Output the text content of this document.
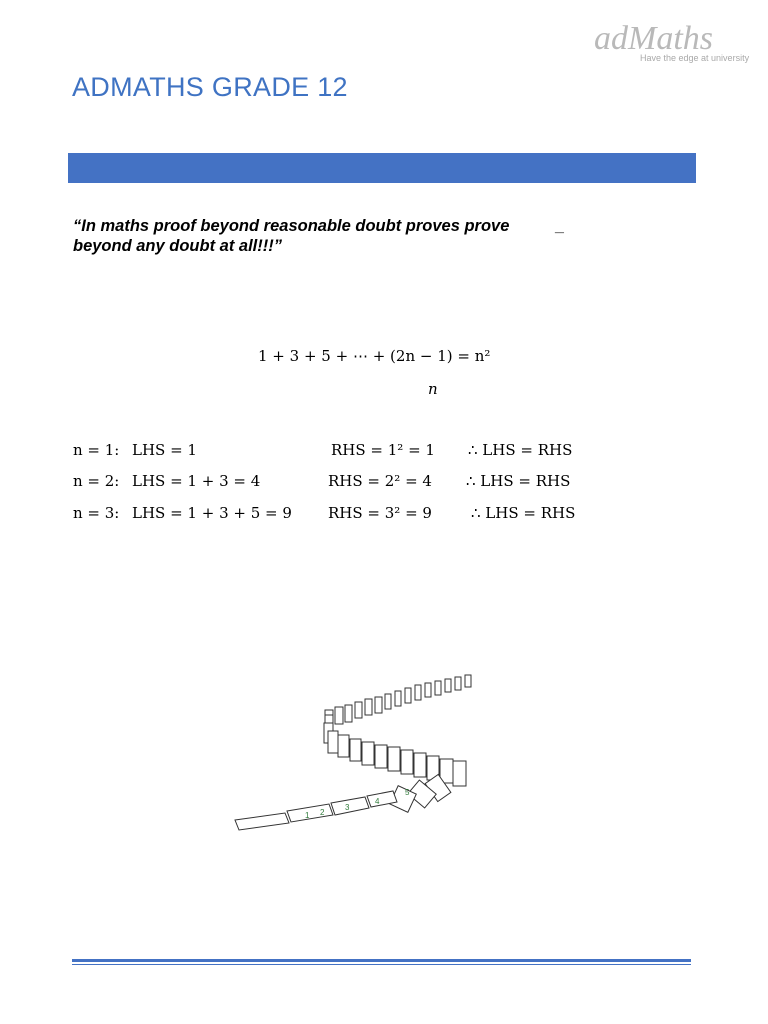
adMaths
Have the edge at university
ADMATHS GRADE 12
“In maths proof beyond reasonable doubt proves prove beyond any doubt at all!!!”
_
1 + 3 + 5 + ⋯ + (2n − 1) = n²
n
n = 1: LHS = 1	RHS = 1² = 1 ∴ LHS = RHS
n = 2: LHS = 1 + 3 = 4	RHS = 2² = 4 ∴ LHS = RHS
n = 3: LHS = 1 + 3 + 5 = 9 RHS = 3² = 9	∴ LHS = RHS
1 2
3
4
5
